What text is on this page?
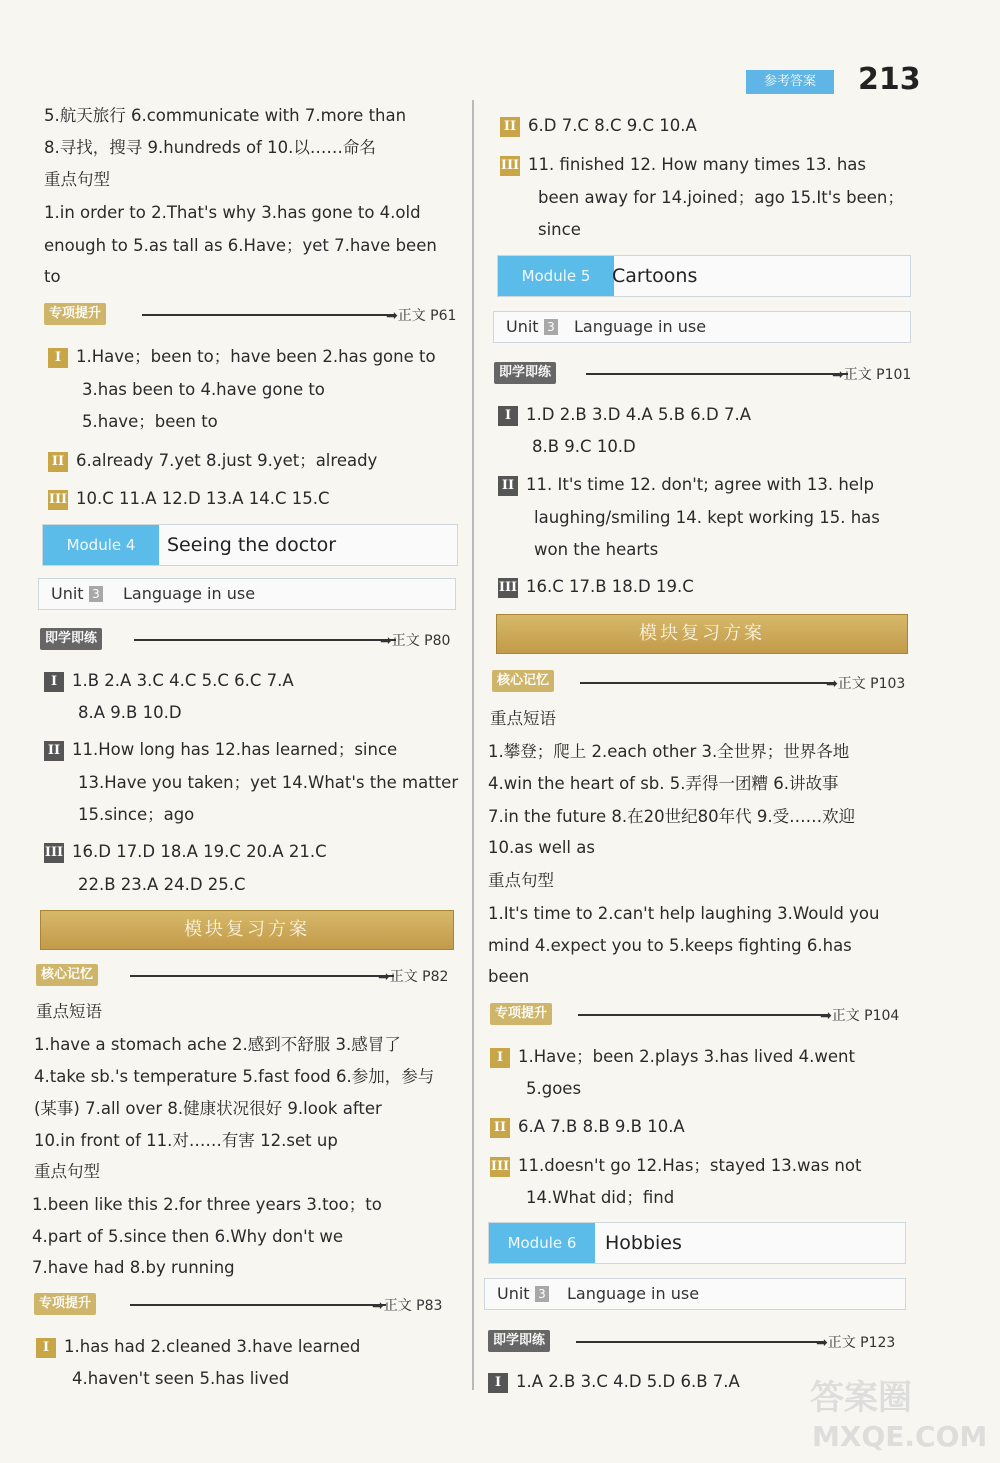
参考答案	213
5.航天旅行 6.communicate with 7.more than
8.寻找，搜寻 9.hundreds of 10.以……命名
重点句型
1.in order to 2.That's why 3.has gone to 4.old
enough to 5.as tall as 6.Have；yet 7.have been
to
专项提升	➡正文 P61
I 1.Have；been to；have been 2.has gone to
3.has been to 4.have gone to
5.have；been to
II 6.already 7.yet 8.just 9.yet；already
III 10.C 11.A 12.D 13.A 14.C 15.C
Module 4	Seeing the doctor
Unit 3 Language in use
即学即练	➡正文 P80
I 1.B 2.A 3.C 4.C 5.C 6.C 7.A
8.A 9.B 10.D
II 11.How long has 12.has learned；since
13.Have you taken；yet 14.What's the matter
15.since；ago
III 16.D 17.D 18.A 19.C 20.A 21.C
22.B 23.A 24.D 25.C
模块复习方案
核心记忆	➡正文 P82
重点短语
1.have a stomach ache 2.感到不舒服 3.感冒了
4.take sb.'s temperature 5.fast food 6.参加，参与
(某事) 7.all over 8.健康状况很好 9.look after
10.in front of 11.对……有害 12.set up
重点句型
1.been like this 2.for three years 3.too；to
4.part of 5.since then 6.Why don't we
7.have had 8.by running
专项提升	➡正文 P83
I 1.has had 2.cleaned 3.have learned
4.haven't seen 5.has lived
II 6.D 7.C 8.C 9.C 10.A
III 11. finished 12. How many times 13. has
been away for 14.joined；ago 15.It's been；
since
Module 5	Cartoons
Unit 3 Language in use
即学即练	➡正文 P101
I 1.D 2.B 3.D 4.A 5.B 6.D 7.A
8.B 9.C 10.D
II 11. It's time 12. don't; agree with 13. help
laughing/smiling 14. kept working 15. has
won the hearts
III 16.C 17.B 18.D 19.C
模块复习方案
核心记忆	➡正文 P103
重点短语
1.攀登；爬上 2.each other 3.全世界；世界各地
4.win the heart of sb. 5.弄得一团糟 6.讲故事
7.in the future 8.在20世纪80年代 9.受……欢迎
10.as well as
重点句型
1.It's time to 2.can't help laughing 3.Would you
mind 4.expect you to 5.keeps fighting 6.has
been
专项提升	➡正文 P104
I 1.Have；been 2.plays 3.has lived 4.went
5.goes
II 6.A 7.B 8.B 9.B 10.A
III 11.doesn't go 12.Has；stayed 13.was not
14.What did；find
Module 6	Hobbies
Unit 3 Language in use
即学即练	➡正文 P123
I 1.A 2.B 3.C 4.D 5.D 6.B 7.A 答案圈
MXQE.COM
